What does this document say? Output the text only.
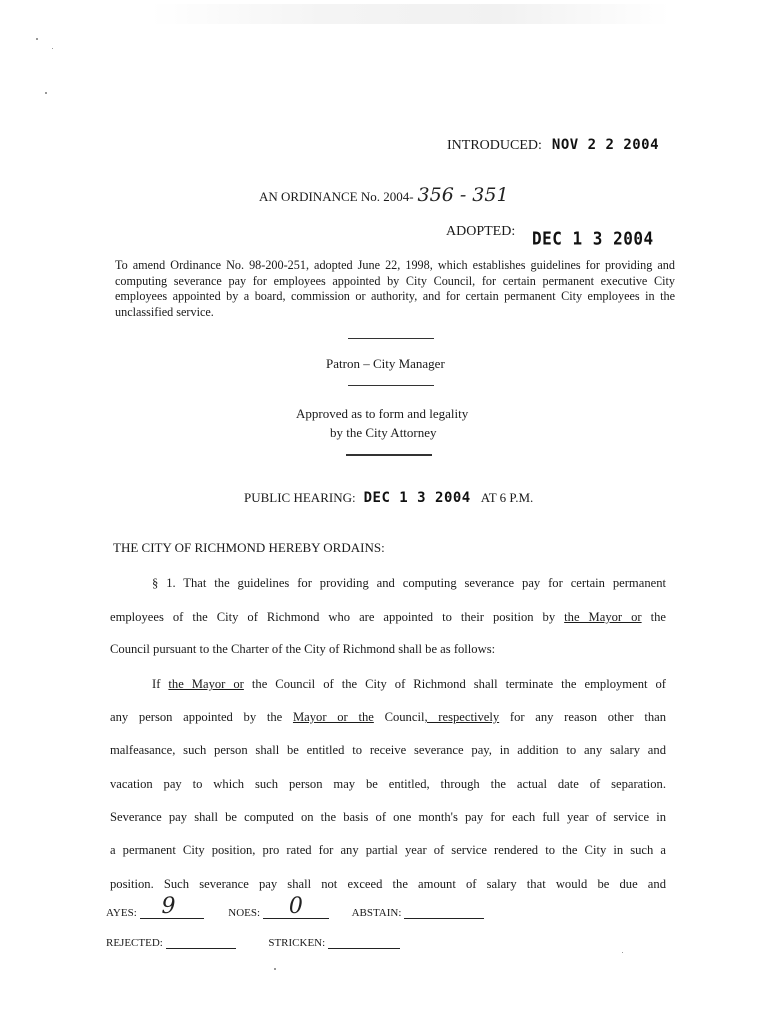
INTRODUCED: NOV 2 2 2004
AN ORDINANCE No. 2004- 356 - 351
ADOPTED: DEC 1 3 2004
To amend Ordinance No. 98-200-251, adopted June 22, 1998, which establishes guidelines for providing and computing severance pay for employees appointed by City Council, for certain permanent executive City employees appointed by a board, commission or authority, and for certain permanent City employees in the unclassified service.
Patron – City Manager
Approved as to form and legality
by the City Attorney
PUBLIC HEARING: DEC 1 3 2004 AT 6 P.M.
THE CITY OF RICHMOND HEREBY ORDAINS:
§ 1. That the guidelines for providing and computing severance pay for certain permanent
employees of the City of Richmond who are appointed to their position by the Mayor or the
Council pursuant to the Charter of the City of Richmond shall be as follows:
If the Mayor or the Council of the City of Richmond shall terminate the employment of
any person appointed by the Mayor or the Council, respectively for any reason other than
malfeasance, such person shall be entitled to receive severance pay, in addition to any salary and
vacation pay to which such person may be entitled, through the actual date of separation.
Severance pay shall be computed on the basis of one month's pay for each full year of service in
a permanent City position, pro rated for any partial year of service rendered to the City in such a
position. Such severance pay shall not exceed the amount of salary that would be due and
AYES: 9	NOES: 0	ABSTAIN:
REJECTED:	STRICKEN:
